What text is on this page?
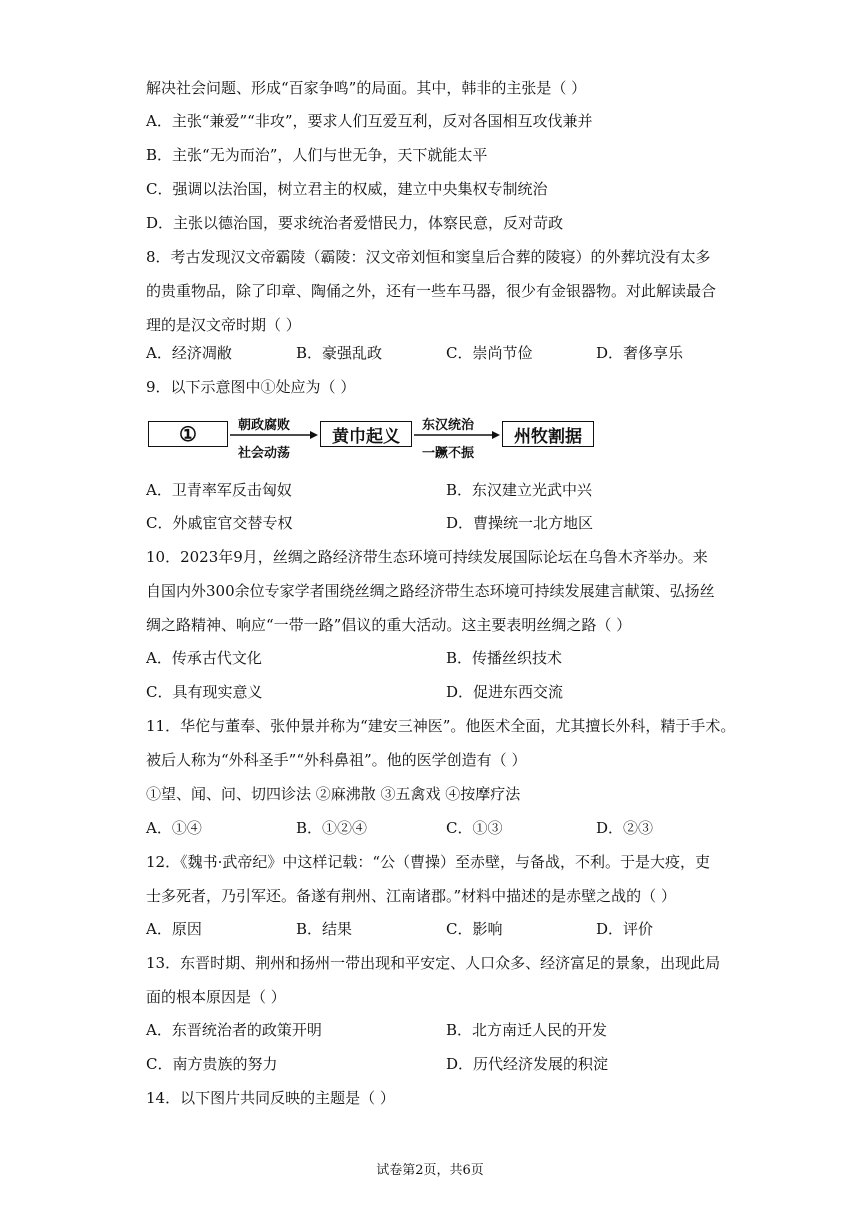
解决社会问题、形成“百家争鸣”的局面。其中，韩非的主张是（ ）
A．主张“兼爱”“非攻”，要求人们互爱互利，反对各国相互攻伐兼并
B．主张“无为而治”，人们与世无争，天下就能太平
C．强调以法治国，树立君主的权威，建立中央集权专制统治
D．主张以德治国，要求统治者爱惜民力，体察民意，反对苛政
8．考古发现汉文帝霸陵（霸陵：汉文帝刘恒和窦皇后合葬的陵寝）的外葬坑没有太多
的贵重物品，除了印章、陶俑之外，还有一些车马器，很少有金银器物。对此解读最合
理的是汉文帝时期（ ）
A．经济凋敝	B．豪强乱政	C．崇尚节俭	D．奢侈享乐
9．以下示意图中①处应为（ ）
①	朝政腐败
社会动荡
黄巾起义
东汉统治
一蹶不振
州牧割据
A．卫青率军反击匈奴	B．东汉建立光武中兴
C．外戚宦官交替专权	D．曹操统一北方地区
10．2023年9月，丝绸之路经济带生态环境可持续发展国际论坛在乌鲁木齐举办。来
自国内外300余位专家学者围绕丝绸之路经济带生态环境可持续发展建言献策、弘扬丝
绸之路精神、响应“一带一路”倡议的重大活动。这主要表明丝绸之路（ ）
A．传承古代文化	B．传播丝织技术
C．具有现实意义	D．促进东西交流
11．华佗与董奉、张仲景并称为“建安三神医”。他医术全面，尤其擅长外科，精于手术。
被后人称为“外科圣手”“外科鼻祖”。他的医学创造有（ ）
①望、闻、问、切四诊法 ②麻沸散 ③五禽戏 ④按摩疗法
A．①④	B．①②④	C．①③	D．②③
12．《魏书·武帝纪》中这样记载：“公（曹操）至赤壁，与备战，不利。于是大疫，吏
士多死者，乃引军还。备遂有荆州、江南诸郡。”材料中描述的是赤壁之战的（ ）
A．原因	B．结果	C．影响	D．评价
13．东晋时期、荆州和扬州一带出现和平安定、人口众多、经济富足的景象，出现此局
面的根本原因是（ ）
A．东晋统治者的政策开明	B．北方南迁人民的开发
C．南方贵族的努力	D．历代经济发展的积淀
14．以下图片共同反映的主题是（ ）
试卷第2页，共6页
